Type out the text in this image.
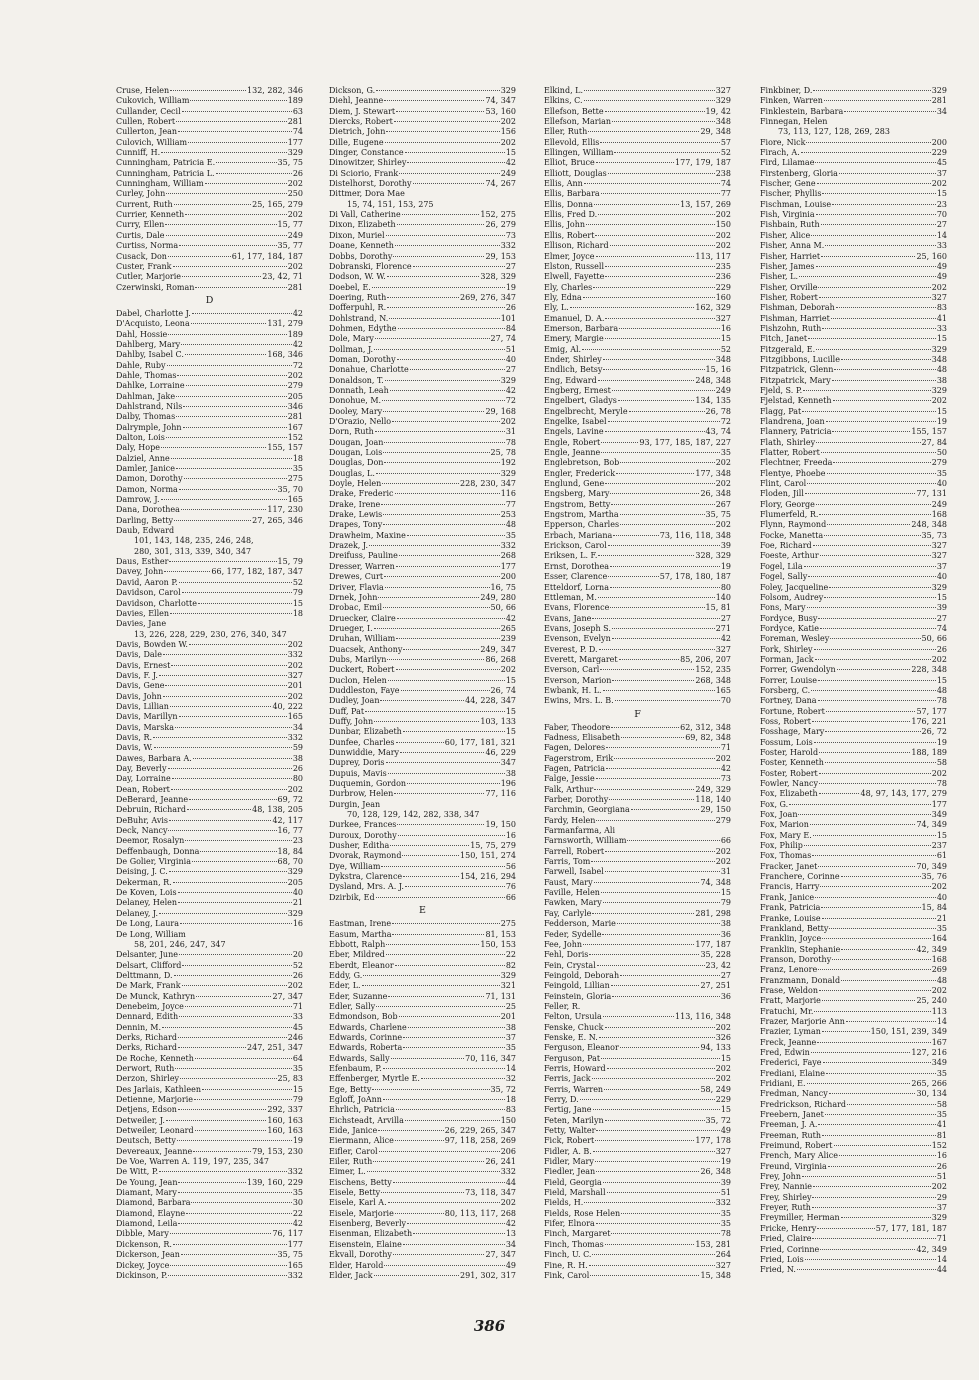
Cruse, Helen	132, 282, 346
Cukovich, William	189
Cullander, Cecil	63
Cullen, Robert	281
Cullerton, Jean	74
Culovich, William	177
Cunniff, H.	329
Cunningham, Patricia E.	35, 75
Cunningham, Patricia L.	26
Cunningham, William	202
Curley, John	250
Current, Ruth	25, 165, 279
Currier, Kenneth	202
Curry, Ellen	15, 77
Curtis, Dale	249
Curtiss, Norma	35, 77
Cusack, Don	61, 177, 184, 187
Custer, Frank	202
Cutler, Marjorie	23, 42, 71
Czerwinski, Roman	281
D
Dabel, Charlotte J.	42
D'Acquisto, Leona	131, 279
Dahl, Hossie	189
Dahlberg, Mary	42
Dahlby, Isabel C.	168, 346
Dahle, Ruby	72
Dahle, Thomas	202
Dahlke, Lorraine	279
Dahlman, Jake	205
Dahlstrand, Nils	346
Dalby, Thomas	281
Dalrymple, John	167
Dalton, Lois	152
Daly, Hope	155, 157
Dalziel, Anne	18
Damler, Janice	35
Damon, Dorothy	275
Damon, Norma	35, 70
Damrow, J.	165
Dana, Dorothea	117, 230
Darling, Betty	27, 265, 346
Daub, Edward
101, 143, 148, 235, 246, 248,
280, 301, 313, 339, 340, 347
Daus, Esther	15, 79
Davey, John	66, 177, 182, 187, 347
David, Aaron P.	52
Davidson, Carol	79
Davidson, Charlotte	15
Davies, Ellen	18
Davies, Jane
13, 226, 228, 229, 230, 276, 340, 347
Davis, Bowden W.	202
Davis, Dale	332
Davis, Ernest	202
Davis, F. J.	327
Davis, Gene	201
Davis, John	202
Davis, Lillian	40, 222
Davis, Marillyn	165
Davis, Marska	34
Davis, R.	332
Davis, W.	59
Dawes, Barbara A.	38
Day, Beverly	26
Day, Lorraine	80
Dean, Robert	202
DeBerard, Jeanne	69, 72
Debruin, Richard	48, 138, 205
DeBuhr, Avis	42, 117
Deck, Nancy	16, 77
Deemor, Rosalyn	23
Deffenbaugh, Donna	18, 84
De Golier, Virginia	68, 70
Deising, J. C.	329
Dekerman, R.	205
De Koven, Lois	40
Delaney, Helen	21
Delaney, J.	329
De Long, Laura	16
De Long, William
58, 201, 246, 247, 347
Delsanter, June	20
Delsart, Clifford	52
Delttmann, D.	26
De Mark, Frank	202
De Munck, Kathryn	27, 347
Denebeim, Joyce	71
Dennard, Edith	33
Dennin, M.	45
Derks, Richard	246
Derks, Richard	247, 251, 347
De Roche, Kenneth	64
Derwort, Ruth	35
Derzon, Shirley	25, 83
Des Jarlais, Kathleen	15
Detienne, Marjorie	79
Detjens, Edson	292, 337
Detweiler, J.	160, 163
Detweiler, Leonard	160, 163
Deutsch, Betty	19
Devereaux, Jeanne	79, 153, 230
De Voe, Warren A. 119, 197, 235, 347
De Witt, P.	332
De Young, Jean	139, 160, 229
Diamant, Mary	35
Diamond, Barbara	30
Diamond, Elayne	22
Diamond, Leila	42
Dibble, Mary	76, 117
Dickenson, R.	177
Dickerson, Jean	35, 75
Dickey, Joyce	165
Dickinson, P.	332
Dickson, G.	329
Diehl, Jeanne	74, 347
Diem, J. Stewart	53, 160
Diercks, Robert	202
Dietrich, John	156
Dille, Eugene	202
Dinger, Constance	15
Dinowitzer, Shirley	42
Di Sciorio, Frank	249
Distelhorst, Dorothy	74, 267
Dittmer, Dora Mae
15, 74, 151, 153, 275
Di Vall, Catherine	152, 275
Dixon, Elizabeth	26, 279
Dixon, Muriel	73
Doane, Kenneth	332
Dobbs, Dorothy	29, 153
Dobranski, Florence	27
Dodson, W. W.	328, 329
Doebel, E.	19
Doering, Ruth	269, 276, 347
Dofferpuhl, R.	26
Dohlstrand, N.	101
Dohmen, Edythe	84
Dole, Mary	27, 74
Dollman, J.	51
Doman, Dorothy	40
Donahue, Charlotte	27
Donaldson, T.	329
Donnath, Leah	42
Donohue, M.	72
Dooley, Mary	29, 168
D'Orazio, Nello	202
Dorn, Ruth	31
Dougan, Joan	78
Dougan, Lois	25, 78
Douglas, Don	192
Douglas, L.	329
Doyle, Helen	228, 230, 347
Drake, Frederic	116
Drake, Irene	77
Drake, Lewis	253
Drapes, Tony	48
Drawheim, Maxine	35
Drazek, J.	332
Dreifuss, Pauline	268
Dresser, Warren	177
Drewes, Curt	200
Driver, Flavia	16, 75
Drnek, John	249, 280
Drobac, Emil	50, 66
Druecker, Claire	42
Drueger, I.	265
Druhan, William	239
Duacsek, Anthony	249, 347
Dubs, Marilyn	86, 268
Duckert, Robert	202
Duclon, Helen	15
Duddleston, Faye	26, 74
Dudley, Joan	44, 228, 347
Duff, Pat	15
Duffy, John	103, 133
Dunbar, Elizabeth	15
Dunfee, Charles	60, 177, 181, 321
Dunwiddie, Mary	46, 229
Duprey, Doris	347
Dupuis, Mavis	38
Duquemin, Gordon	196
Durbrow, Helen	77, 116
Durgin, Jean
70, 128, 129, 142, 282, 338, 347
Durkee, Frances	19, 150
Duroux, Dorothy	16
Dusher, Editha	15, 75, 279
Dvorak, Raymond	150, 151, 274
Dye, William	56
Dykstra, Clarence	154, 216, 294
Dysland, Mrs. A. J.	76
Dzirbik, Ed	66
E
Eastman, Irene	275
Easum, Martha	81, 153
Ebbott, Ralph	150, 153
Eber, Mildred	22
Eberdt, Eleanor	82
Eddy, G.	329
Eder, L.	321
Eder, Suzanne	71, 131
Edler, Sally	25
Edmondson, Bob	201
Edwards, Charlene	38
Edwards, Corinne	37
Edwards, Roberta	35
Edwards, Sally	70, 116, 347
Efenbaum, P.	14
Effenberger, Myrtle E.	32
Ege, Betty	35, 72
Egloff, JoAnn	18
Ehrlich, Patricia	83
Eichsteadt, Arvilla	150
Eide, Janice	26, 229, 265, 347
Eiermann, Alice	97, 118, 258, 269
Eifler, Carol	206
Eiler, Ruth	26, 241
Eimer, L.	332
Eischens, Betty	44
Eisele, Betty	73, 118, 347
Eisele, Karl A.	202
Eisele, Marjorie	80, 113, 117, 268
Eisenberg, Beverly	42
Eisenman, Elizabeth	13
Eisenstein, Elaine	34
Ekvall, Dorothy	27, 347
Elder, Harold	49
Elder, Jack	291, 302, 317
Elkind, L.	327
Elkins, C.	329
Ellefson, Bette	19, 42
Ellefson, Marian	348
Eller, Ruth	29, 348
Ellevold, Ellis	57
Ellingen, William	52
Elliot, Bruce	177, 179, 187
Elliott, Douglas	238
Ellis, Ann	74
Ellis, Barbara	77
Ellis, Donna	13, 157, 269
Ellis, Fred D.	202
Ellis, John	150
Ellis, Robert	202
Ellison, Richard	202
Elmer, Joyce	113, 117
Elston, Russell	235
Elwell, Fayette	236
Ely, Charles	229
Ely, Edna	160
Ely, L.	162, 329
Emanuel, D. A.	327
Emerson, Barbara	16
Emery, Margie	15
Emig, Al.	52
Ender, Shirley	348
Endlich, Betsy	15, 16
Eng, Edward	248, 348
Engberg, Ernest	249
Engelbert, Gladys	134, 135
Engelbrecht, Meryle	26, 78
Engelke, Isabel	72
Engels, Lavine	43, 74
Engle, Robert	93, 177, 185, 187, 227
Engle, Jeanne	35
Englebretson, Bob	202
Engler, Frederick	177, 348
Englund, Gene	202
Engsberg, Mary	26, 348
Engstrom, Betty	267
Engstrom, Martha	35, 75
Epperson, Charles	202
Erbach, Mariana	73, 116, 118, 348
Erickson, Carol	39
Eriksen, L. F.	328, 329
Ernst, Dorothea	19
Esser, Clarence	57, 178, 180, 187
Etteldorf, Lorna	80
Ettleman, M.	140
Evans, Florence	15, 81
Evans, Jane	27
Evans, Joseph S.	271
Evenson, Evelyn	42
Everest, P. D.	327
Everett, Margaret	85, 206, 207
Everson, Carl	152, 235
Everson, Marion	268, 348
Ewbank, H. L.	165
Ewins, Mrs. L. B.	70
F
Faber, Theodore	62, 312, 348
Fadness, Elisabeth	69, 82, 348
Fagen, Delores	71
Fagerstrom, Erik	202
Fagen, Patricia	42
Falge, Jessie	73
Falk, Arthur	249, 329
Farber, Dorothy	118, 140
Farchmin, Georgiana	29, 150
Fardy, Helen	279
Farmanfarma, Ali
Farnsworth, William	66
Farrell, Robert	202
Farris, Tom	202
Farwell, Isabel	31
Faust, Mary	74, 348
Faville, Helen	15
Fawken, Mary	79
Fay, Carlyle	281, 298
Fedderson, Marie	38
Feder, Sydelle	36
Fee, John	177, 187
Fehl, Doris	35, 228
Fein, Crystal	23, 42
Feingold, Deborah	27
Feingold, Lillian	27, 251
Feinstein, Gloria	36
Feller, R.
Felton, Ursula	113, 116, 348
Fenske, Chuck	202
Fenske, E. N.	326
Ferguson, Eleanor	94, 133
Ferguson, Pat	15
Ferris, Howard	202
Ferris, Jack	202
Ferris, Warren	58, 249
Ferry, D.	229
Fertig, Jane	15
Feten, Marilyn	35, 72
Fetty, Walter	49
Fick, Robert	177, 178
Fidler, A. B.	327
Fidler, Mary	19
Fiedler, Jean	26, 348
Field, Georgia	39
Field, Marshall	51
Fields, H.	332
Fields, Rose Helen	35
Fifer, Elnora	35
Finch, Margaret	78
Finch, Thomas	153, 281
Finch, U. C.	264
Fine, R. H.	327
Fink, Carol	15, 348
Finkbiner, D.	329
Finken, Warren	281
Finklestein, Barbara	34
Finnegan, Helen
73, 113, 127, 128, 269, 283
Fiore, Nick	200
Firach, A.	229
Fird, Lilamae	45
Firstenberg, Gloria	37
Fischer, Gene	202
Fischer, Phyllis	15
Fischman, Louise	23
Fish, Virginia	70
Fishbain, Ruth	27
Fisher, Alice	14
Fisher, Anna M.	33
Fisher, Harriet	25, 160
Fisher, James	49
Fisher, L.	49
Fisher, Orville	202
Fisher, Robert	327
Fishman, Deborah	83
Fishman, Harriet	41
Fishzohn, Ruth	33
Fitch, Janet	15
Fitzgerald, E.	329
Fitzgibbons, Lucille	348
Fitzpatrick, Glenn	48
Fitzpatrick, Mary	38
Fjeld, S. P.	329
Fjelstad, Kenneth	202
Flagg, Pat	15
Flandrena, Joan	19
Flannery, Patricia	155, 157
Flath, Shirley	27, 84
Flatter, Robert	50
Flechtner, Freeda	279
Flentye, Phoebe	35
Flint, Carol	40
Floden, Jill	77, 131
Flory, George	249
Flumerfeld, R.	168
Flynn, Raymond	248, 348
Focke, Manetta	35, 73
Foe, Richard	327
Foeste, Arthur	327
Fogel, Lila	37
Fogel, Sally	40
Foley, Jacqueline	329
Folsom, Audrey	15
Fons, Mary	39
Fordyce, Busy	27
Fordyce, Katie	74
Foreman, Wesley	50, 66
Fork, Shirley	26
Forman, Jack	202
Forrer, Gwendolyn	228, 348
Forrer, Louise	15
Forsberg, C.	48
Fortney, Dana	78
Fortune, Robert	57, 177
Foss, Robert	176, 221
Fosshage, Mary	26, 72
Fossum, Lois	19
Foster, Harold	188, 189
Foster, Kenneth	58
Foster, Robert	202
Fowler, Nancy	78
Fox, Elizabeth	48, 97, 143, 177, 279
Fox, G.	177
Fox, Joan	349
Fox, Marion	74, 349
Fox, Mary E.	15
Fox, Philip	237
Fox, Thomas	61
Fracker, Janet	70, 349
Franchere, Corinne	35, 76
Francis, Harry	202
Frank, Janice	40
Frank, Patricia	15, 84
Franke, Louise	21
Frankland, Betty	35
Franklin, Joyce	164
Franklin, Stephanie	42, 349
Franson, Dorothy	168
Franz, Lenore	269
Franzmann, Donald	48
Frase, Weldon	202
Fratt, Marjorie	25, 240
Fratuchi, Mr.	113
Frazer, Marjorie Ann	14
Frazier, Lyman	150, 151, 239, 349
Freck, Jeanne	167
Fred, Edwin	127, 216
Frederici, Faye	349
Frediani, Elaine	35
Fridiani, E.	265, 266
Fredman, Nancy	30, 134
Fredrickson, Richard	58
Freebern, Janet	35
Freeman, J. A.	41
Freeman, Ruth	81
Freimund, Robert	152
French, Mary Alice	16
Freund, Virginia	26
Frey, John	51
Frey, Nannie	202
Frey, Shirley	29
Freyer, Ruth	37
Freymiller, Herman	329
Fricke, Henry	57, 177, 181, 187
Fried, Claire	71
Fried, Corinne	42, 349
Fried, Lois	14
Fried, N.	44
386
